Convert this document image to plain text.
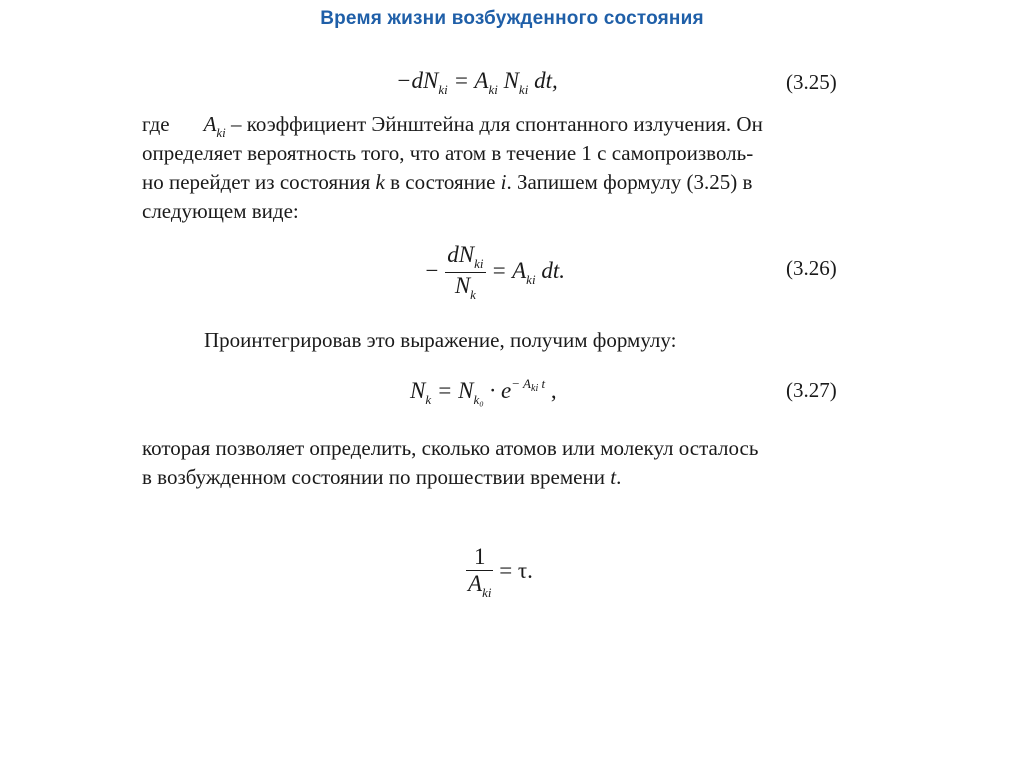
Время жизни возбужденного состояния
$-dN_{ki} = A_{ki}$ $N_{ki}$ dt,	(3.25)
где $A_{ki}$ – коэффициент Эйнштейна для спонтанного излучения. Он
определяет вероятность того, что атом в течение 1 с самопроизволь-
но перейдет из состояния k в состояние i. Запишем формулу (3.25) в
следующем виде:
− $\frac{dN_{ki}}{N_k} = A_{ki}$ dt.	(3.26)
Проинтегрировав это выражение, получим формулу:
$N_k = N_{k_0} \cdot e^{- A_{ki} t}$ ,	(3.27)
которая позволяет определить, сколько атомов или молекул осталось
в возбужденном состоянии по прошествии времени t.
$\frac{1}{A_{ki}} = \tau$.
